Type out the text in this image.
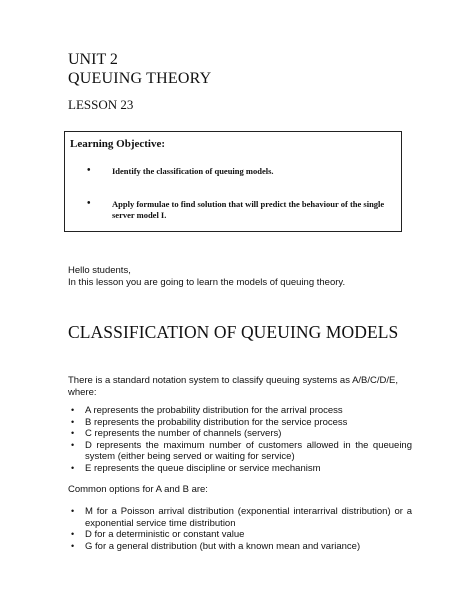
UNIT 2
QUEUING THEORY
LESSON 23
Learning Objective:
•	Identify the classification of queuing models.
•	Apply formulae to find solution that will predict the behaviour of the single server model I.
Hello students,
In this lesson you are going to learn the models of queuing theory.
CLASSIFICATION OF QUEUING MODELS
There is a standard notation system to classify queuing systems as A/B/C/D/E, where:
• A represents the probability distribution for the arrival process
• B represents the probability distribution for the service process
• C represents the number of channels (servers)
• D represents the maximum number of customers allowed in the queueing system (either being served or waiting for service)
• E represents the queue discipline or service mechanism
Common options for A and B are:
• M for a Poisson arrival distribution (exponential interarrival distribution) or a exponential service time distribution
• D for a deterministic or constant value
• G for a general distribution (but with a known mean and variance)
